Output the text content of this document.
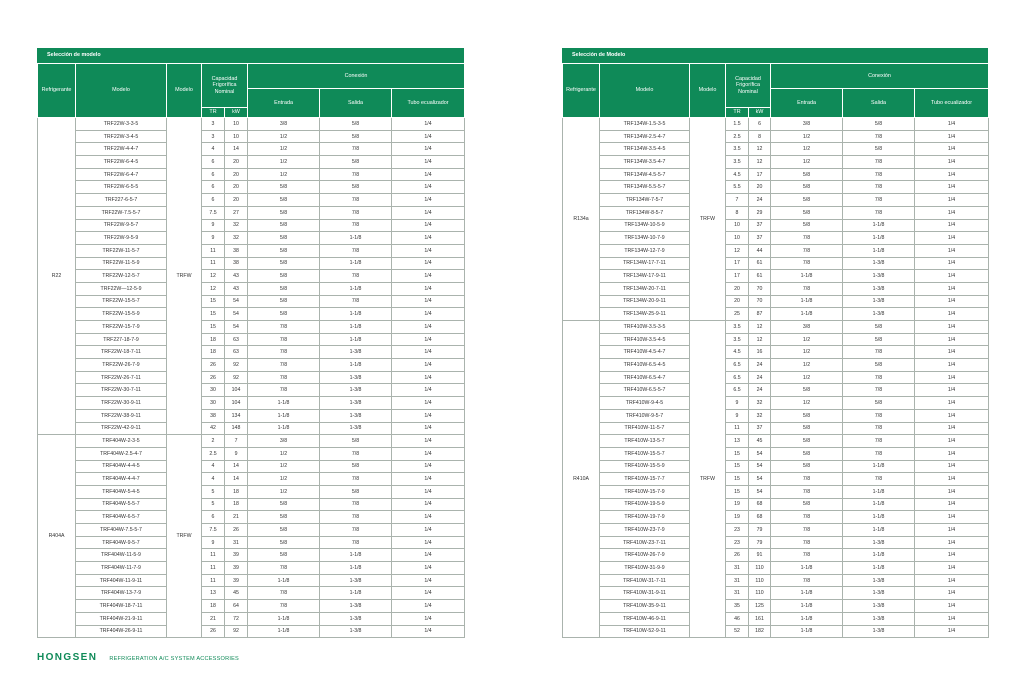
Selección de modelo
Refrigerante	Modelo	Modelo	Capacidad Frigorífica Nominal		Conexión		
					Entrada	Salida	Tubo ecualizador
			TR	kW			
R22	TRF22W-3-3-5	TRFW	3	10	3/8	5/8	1/4
	TRF22W-3-4-5		3	10	1/2	5/8	1/4
	TRF22W-4-4-7		4	14	1/2	7/8	1/4
	TRF22W-6-4-5		6	20	1/2	5/8	1/4
	TRF22W-6-4-7		6	20	1/2	7/8	1/4
	TRF22W-6-5-5		6	20	5/8	5/8	1/4
	TRF227-6-5-7		6	20	5/8	7/8	1/4
	TRF22W-7.5-5-7		7.5	27	5/8	7/8	1/4
	TRF22W-9-5-7		9	32	5/8	7/8	1/4
	TRF22W-9-5-9		9	32	5/8	1-1/8	1/4
	TRF22W-11-5-7		11	38	5/8	7/8	1/4
	TRF22W-11-5-9		11	38	5/8	1-1/8	1/4
	TRF22W-12-5-7		12	43	5/8	7/8	1/4
	TRF22W—12-5-9		12	43	5/8	1-1/8	1/4
	TRF22W-15-5-7		15	54	5/8	7/8	1/4
	TRF22W-15-5-9		15	54	5/8	1-1/8	1/4
	TRF22W-15-7-9		15	54	7/8	1-1/8	1/4
	TRF227-18-7-9		18	63	7/8	1-1/8	1/4
	TRF22W-18-7-11		18	63	7/8	1-3/8	1/4
	TRF22W-26-7-9		26	92	7/8	1-1/8	1/4
	TRF22W-26-7-11		26	92	7/8	1-3/8	1/4
	TRF22W-30-7-11		30	104	7/8	1-3/8	1/4
	TRF22W-30-9-11		30	104	1-1/8	1-3/8	1/4
	TRF22W-38-9-11		38	134	1-1/8	1-3/8	1/4
	TRF22W-42-9-11		42	148	1-1/8	1-3/8	1/4
R404A	TRF404W-2-3-5	TRFW	2	7	3/8	5/8	1/4
	TRF404W-2.5-4-7		2.5	9	1/2	7/8	1/4
	TRF404W-4-4-5		4	14	1/2	5/8	1/4
	TRF404W-4-4-7		4	14	1/2	7/8	1/4
	TRF404W-5-4-5		5	18	1/2	5/8	1/4
	TRF404W-5-5-7		5	18	5/8	7/8	1/4
	TRF404W-6-5-7		6	21	5/8	7/8	1/4
	TRF404W-7.5-5-7		7.5	26	5/8	7/8	1/4
	TRF404W-9-5-7		9	31	5/8	7/8	1/4
	TRF404W-11-5-9		11	39	5/8	1-1/8	1/4
	TRF404W-11-7-9		11	39	7/8	1-1/8	1/4
	TRF404W-11-9-11		11	39	1-1/8	1-3/8	1/4
	TRF404W-13-7-9		13	45	7/8	1-1/8	1/4
	TRF404W-18-7-11		18	64	7/8	1-3/8	1/4
	TRF404W-21-9-11		21	72	1-1/8	1-3/8	1/4
	TRF404W-26-9-11		26	92	1-1/8	1-3/8	1/4
Selección de Modelo
Refrigerante	Modelo	Modelo	Capacidad Frigorífica Nominal		Conexión		
					Entrada	Salida	Tubo ecualizador
			TR	kW			
R134a	TRF134W-1.5-3-5	TRFW	1.5	6	3/8	5/8	1/4
	TRF134W-2.5-4-7		2.5	8	1/2	7/8	1/4
	TRF134W-3.5-4-5		3.5	12	1/2	5/8	1/4
	TRF134W-3.5-4-7		3.5	12	1/2	7/8	1/4
	TRF134W-4.5-5-7		4.5	17	5/8	7/8	1/4
	TRF134W-5.5-5-7		5.5	20	5/8	7/8	1/4
	TRF134W-7-5-7		7	24	5/8	7/8	1/4
	TRF134W-8-5-7		8	29	5/8	7/8	1/4
	TRF134W-10-5-9		10	37	5/8	1-1/8	1/4
	TRF134W-10-7-9		10	37	7/8	1-1/8	1/4
	TRF134W-12-7-9		12	44	7/8	1-1/8	1/4
	TRF134W-17-7-11		17	61	7/8	1-3/8	1/4
	TRF134W-17-9-11		17	61	1-1/8	1-3/8	1/4
	TRF134W-20-7-11		20	70	7/8	1-3/8	1/4
	TRF134W-20-9-11		20	70	1-1/8	1-3/8	1/4
	TRF134W-25-9-11		25	87	1-1/8	1-3/8	1/4
R410A	TRF410W-3.5-3-5	TRFW	3.5	12	3/8	5/8	1/4
	TRF410W-3.5-4-5		3.5	12	1/2	5/8	1/4
	TRF410W-4.5-4-7		4.5	16	1/2	7/8	1/4
	TRF410W-6.5-4-5		6.5	24	1/2	5/8	1/4
	TRF410W-6.5-4-7		6.5	24	1/2	7/8	1/4
	TRF410W-6.5-5-7		6.5	24	5/8	7/8	1/4
	TRF410W-9-4-5		9	32	1/2	5/8	1/4
	TRF410W-9-5-7		9	32	5/8	7/8	1/4
	TRF410W-11-5-7		11	37	5/8	7/8	1/4
	TRF410W-13-5-7		13	45	5/8	7/8	1/4
	TRF410W-15-5-7		15	54	5/8	7/8	1/4
	TRF410W-15-5-9		15	54	5/8	1-1/8	1/4
	TRF410W-15-7-7		15	54	7/8	7/8	1/4
	TRF410W-15-7-9		15	54	7/8	1-1/8	1/4
	TRF410W-19-5-9		19	68	5/8	1-1/8	1/4
	TRF410W-19-7-9		19	68	7/8	1-1/8	1/4
	TRF410W-23-7-9		23	79	7/8	1-1/8	1/4
	TRF410W-23-7-11		23	79	7/8	1-3/8	1/4
	TRF410W-26-7-9		26	91	7/8	1-1/8	1/4
	TRF410W-31-9-9		31	110	1-1/8	1-1/8	1/4
	TRF410W-31-7-11		31	110	7/8	1-3/8	1/4
	TRF410W-31-9-11		31	110	1-1/8	1-3/8	1/4
	TRF410W-35-9-11		35	125	1-1/8	1-3/8	1/4
	TRF410W-46-9-11		46	161	1-1/8	1-3/8	1/4
	TRF410W-52-9-11		52	182	1-1/8	1-3/8	1/4
HONGSEN REFRIGERATION A/C SYSTEM ACCESSORIES
